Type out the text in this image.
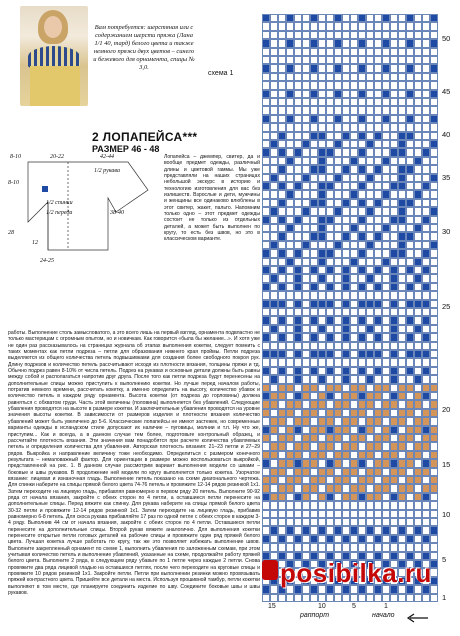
Вам потребуется: шерстяная или с содержанием шерсти пряжа (Лана 1/1 40, тард) белого цвета и также немного пряжи двух цветов – синего и бежевого для орнамента, спицы № 3,0.
схема 1
2 ЛОПАПЕЙСА***
РАЗМЕР 46 - 48
8-10	20-22	42-44
1/2 рукава
8-10
38-40
1/2 спинки
1/2 переда
12
28
24-25
Лопапейса – джемпер, свитер, да и вообще предмет одежды, различный длины и цветовой гаммы. Мы уже представляли на наших страницах небольшой экскурс в историю и технологию изготовления для вас без излишеств. Взрослые и дети, мужчины и женщины все одинаково влюблены в этот свитер, жакет, пальто. Напомним только одно – этот предмет одежды состоит не только из отдельных деталей, а может быть выполнен по кругу, то есть без швов, но это в классическом варианте.
работы. Выполнение столь замысловатого, а это всего лишь на первый взгляд, орнамента подвластно не только мастерицам с огромным опытом, но и новичкам. Как говорится «была бы желание...». И хотя уже не один раз рассказывалось на страницах журнала об этапах выполнения кокетки, следует помнить с таких моментах как петли подреза – петли для образования нижнего края проймы. Петли подреза выделяются из общего количества петель подвышивками для создания более свободного покроя рук. Длину подрезов и количество петель рассчитывают исходя из плотности вязания, толщины пряжи и тд. Обычно подрез равен 8-10% от числа петель. Подрез на рукавах и основные детали должны быть равны между собой и располагаться напротив друг друга. После того как петли подреза будут перенесены на дополнительные спицы можно приступить к выполнению кокетки. Но лучше перед началом работы, потратив немного времени, рассчитать кокетку, а именно определить на высоту, количество убавок и количество петель в каждом ряду орнамента. Высота кокетки (от подреза до горловины) должна равняться с обхватом груди. Часть этой величины (половина) выполняется без убавлений. Следующие убавления проводятся на высоте в размере кокетки. И заключительные убавления проводятся на уровне значения высоты кокетки. В зависимости от размеров изделия и плотности вязания количество убавлений может быть увеличено до 5-6. Классические лопапейсы не имеют застежек, но современные варианты одежды в исландском стиле допускают их наличие – пуговицы, молнии и т.п. Ну что же, приступим... Как и всегда, а в данном случае тем более, подготовьте контрольный образец, и рассчитайте плотность вязания. Эти значения вам понадобятся при расчете количества убавляемых петель и определения количества для убавления. Авторская плотность вязания: 21–23 петли и 27–29 рядов. Выкройка и направление величину тоже необходимо. Определиться с размером конечного результата – немаловажный фактор. Для ориентации в размере можно воспользоваться выкройкой, представленной на рис. 1. В данном случае рассмотрим вариант выполнения модели со швами – боковые и швы рукавов. В продолжение ней модели по кругу выполняется только кокетка. Узорчатое вязание: лицевая и изнаночная гладь. Выполнение петель показано на схеме диагонального чертежа. Для спинки наберите на спицы прямой белого цвета 74-76 петель и провяжите 12-14 рядов резинкой 1х1. Затем переходите на лицевую гладь, прибавляя равномерно в первом ряду 20 петель. Выполните 90-92 ряда от начала вязания, закройте с обеих сторон по 4 петли, а оставшиеся петли перенесите на дополнительные спицы. Перед вяжите как спинку. Для рукава наберите на спицы прямой белого цвета 30-32 петли и провяжите 12-14 рядов резинкой 1х1. Затем переходите на лицевую гладь, прибавив равномерно 6-8 петель. Для скоса рукава прибавляйте 17 раз по одной петле с обеих сторон в каждом 3-4 ряду. Выполнив 44 см от начала вязания, закройте с обеих сторон по 4 петли. Оставшиеся петли перенесите на дополнительные спицы. Второй рукав вяжите аналогично. Для выполнения кокетки перенесите открытые петли готовых деталей на рабочие спицы и провяжите один ряд пряжей белого цвета. Лучшая кокетка лучше работать по кругу, так же это позволяет избежать выполнение швов. Выполните закрепленный орнамент по схеме 1, выполнить убавления по заложенным схемам, при этом учитывая количество петель и выполнение убавлений, указанные на схеме, продолжайте работу пряжей белого цвета. Выполните 2 ряда, в следующем ряду убавьте по 1 петле через каждые 2 петли. Снова провяжите два ряда лицевой гладью на оставшихся петлях, после чего переходите на круговые спицы и провяжите 10 рядов резинкой 1х1. Закройте петли. Петли при выполнении резинки можно провязывать пряжей контрастного цвета. Пришейте все детали на места. Используя прошивной тамбур, петли кокетки выполняют в том месте, где планируете соединить изделие по шву. Соедините боковые швы и швы рукавов.
50
45
40
35
30
25
20
15
10
5
1
15	10	5	1
раппорт	начало
posibilka.ru
